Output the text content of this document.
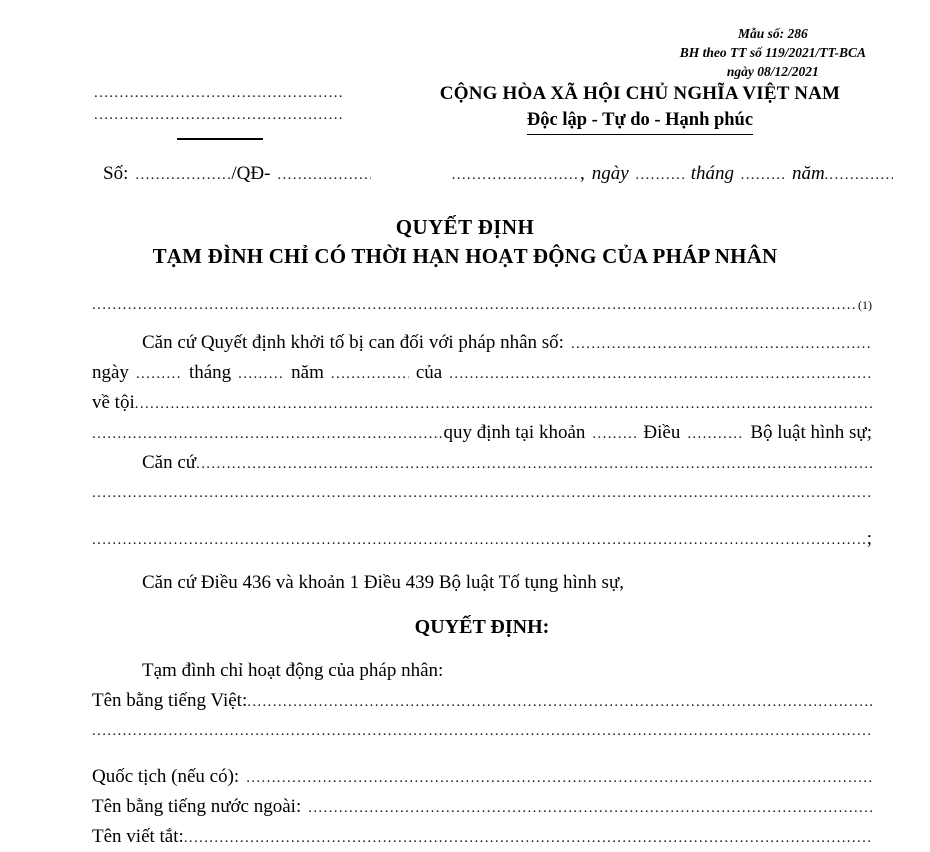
Mẫu số: 286
BH theo TT số 119/2021/TT-BCA
ngày 08/12/2021
CỘNG HÒA XÃ HỘI CHỦ NGHĨA VIỆT NAM
Độc lập - Tự do - Hạnh phúc
.....
.....
Số: .....	/QĐ- ..... .....	, ngày .....	tháng .....	năm
.....
QUYẾT ĐỊNH
TẠM ĐÌNH CHỈ CÓ THỜI HẠN HOẠT ĐỘNG CỦA PHÁP NHÂN
.....
(1)
Căn cứ Quyết định khởi tố bị can đối với pháp nhân số:
.....
ngày .....	tháng .....	năm .....	của
.....
về tội
.....
.....
quy định tại khoản .....	Điều .....	Bộ luật hình sự;
Căn cứ
.....
.....
.....
;
Căn cứ Điều 436 và khoản 1 Điều 439 Bộ luật Tố tụng hình sự,
QUYẾT ĐỊNH:
Tạm đình chỉ hoạt động của pháp nhân:
Tên bằng tiếng Việt:
.....
.....
Quốc tịch (nếu có):
.....
Tên bằng tiếng nước ngoài:
.....
Tên viết tắt:
.....
